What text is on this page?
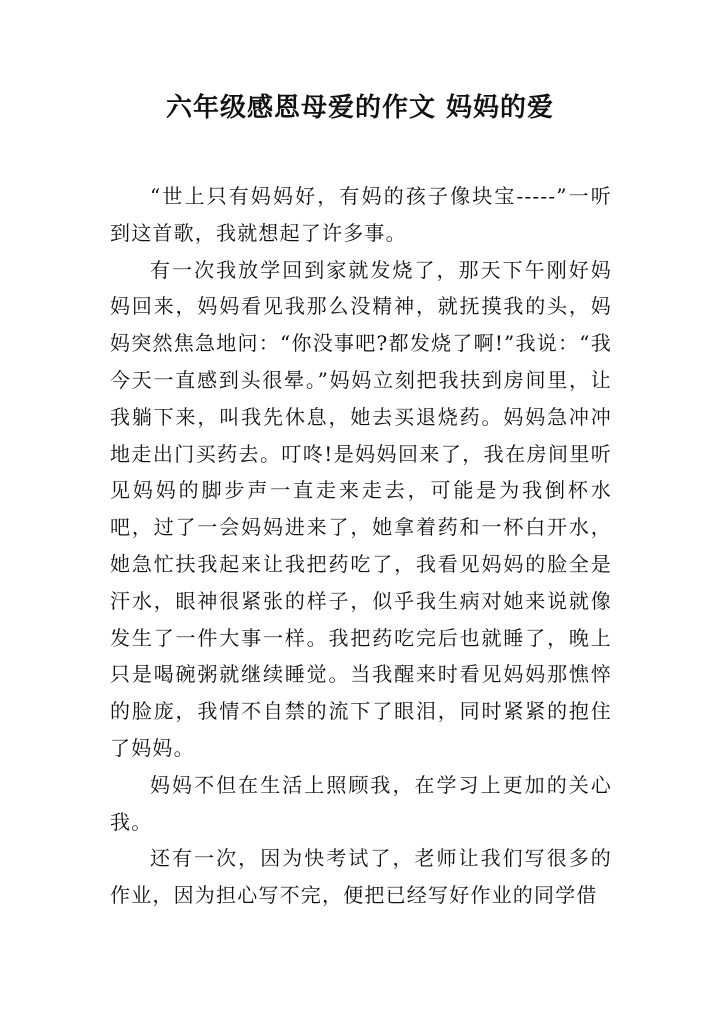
六年级感恩母爱的作文 妈妈的爱

“世上只有妈妈好，有妈的孩子像块宝-----”一听到这首歌，我就想起了许多事。

有一次我放学回到家就发烧了，那天下午刚好妈妈回来，妈妈看见我那么没精神，就抚摸我的头，妈妈突然焦急地问：“你没事吧?都发烧了啊!”我说：“我今天一直感到头很晕。”妈妈立刻把我扶到房间里，让我躺下来，叫我先休息，她去买退烧药。妈妈急冲冲地走出门买药去。叮咚!是妈妈回来了，我在房间里听见妈妈的脚步声一直走来走去，可能是为我倒杯水吧，过了一会妈妈进来了，她拿着药和一杯白开水，她急忙扶我起来让我把药吃了，我看见妈妈的脸全是汗水，眼神很紧张的样子，似乎我生病对她来说就像发生了一件大事一样。我把药吃完后也就睡了，晚上只是喝碗粥就继续睡觉。当我醒来时看见妈妈那憔悴的脸庞，我情不自禁的流下了眼泪，同时紧紧的抱住了妈妈。

妈妈不但在生活上照顾我，在学习上更加的关心我。

还有一次，因为快考试了，老师让我们写很多的作业，因为担心写不完，便把已经写好作业的同学借
